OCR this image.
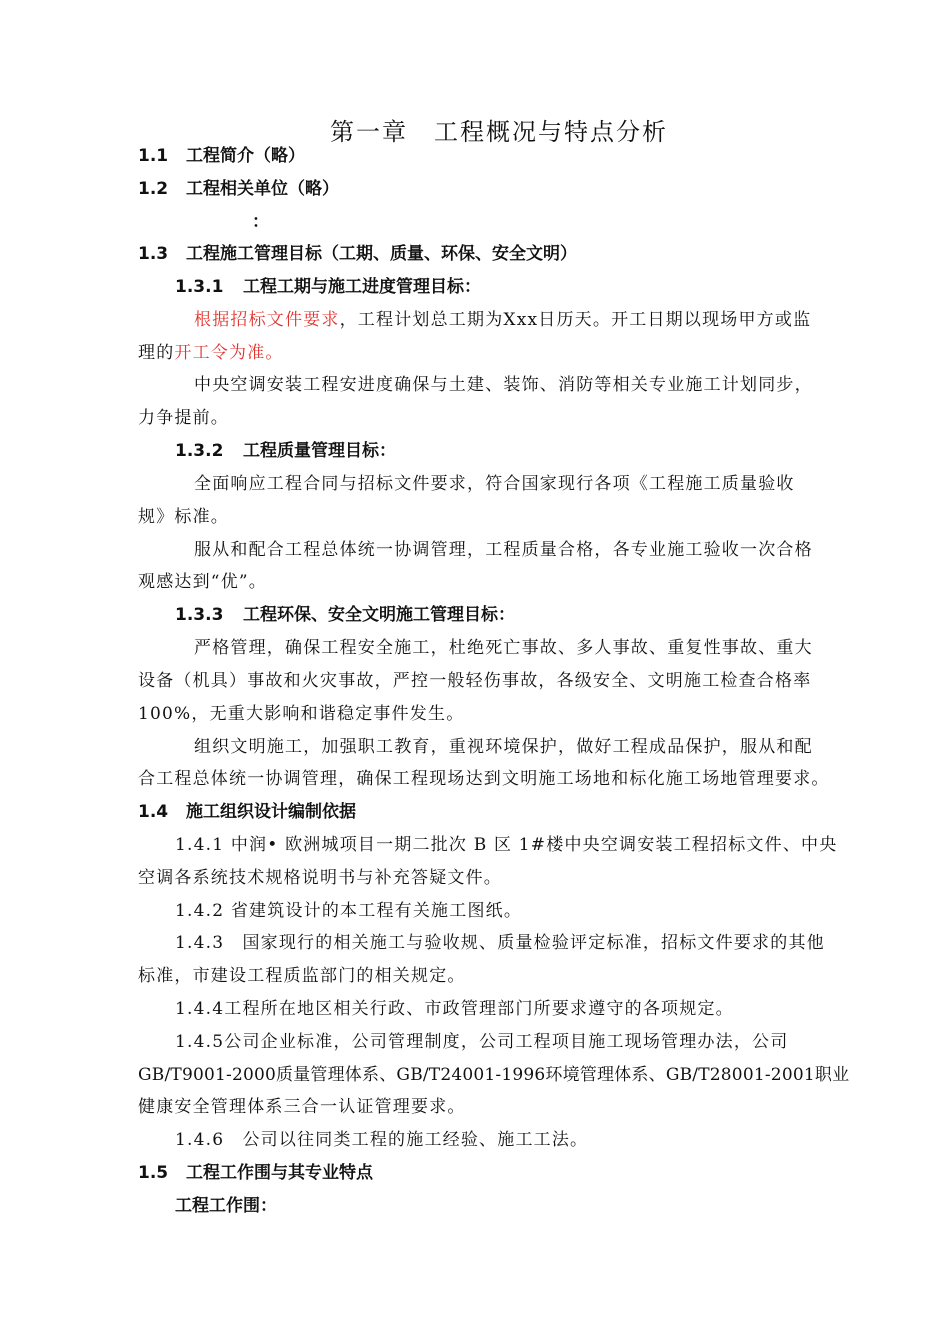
第一章 工程概况与特点分析
1.1 工程简介（略）
1.2 工程相关单位（略）
：
1.3 工程施工管理目标（工期、质量、环保、安全文明）
1.3.1 工程工期与施工进度管理目标：
根据招标文件要求，工程计划总工期为Xxx日历天。开工日期以现场甲方或监
理的开工令为准。
中央空调安装工程安进度确保与土建、装饰、消防等相关专业施工计划同步，
力争提前。
1.3.2 工程质量管理目标：
全面响应工程合同与招标文件要求，符合国家现行各项《工程施工质量验收
规》标准。
服从和配合工程总体统一协调管理，工程质量合格，各专业施工验收一次合格
观感达到“优”。
1.3.3 工程环保、安全文明施工管理目标：
严格管理，确保工程安全施工，杜绝死亡事故、多人事故、重复性事故、重大
设备（机具）事故和火灾事故，严控一般轻伤事故，各级安全、文明施工检查合格率
100%，无重大影响和谐稳定事件发生。
组织文明施工，加强职工教育，重视环境保护，做好工程成品保护，服从和配
合工程总体统一协调管理，确保工程现场达到文明施工场地和标化施工场地管理要求。
1.4 施工组织设计编制依据
1.4.1 中润• 欧洲城项目一期二批次 B 区 1#楼中央空调安装工程招标文件、中央
空调各系统技术规格说明书与补充答疑文件。
1.4.2 省建筑设计的本工程有关施工图纸。
1.4.3　国家现行的相关施工与验收规、质量检验评定标准，招标文件要求的其他
标准，市建设工程质监部门的相关规定。
1.4.4工程所在地区相关行政、市政管理部门所要求遵守的各项规定。
1.4.5公司企业标准，公司管理制度，公司工程项目施工现场管理办法，公司
GB/T9001-2000质量管理体系、GB/T24001-1996环境管理体系、GB/T28001-2001职业
健康安全管理体系三合一认证管理要求。
1.4.6　公司以往同类工程的施工经验、施工工法。
1.5 工程工作围与其专业特点
工程工作围：
